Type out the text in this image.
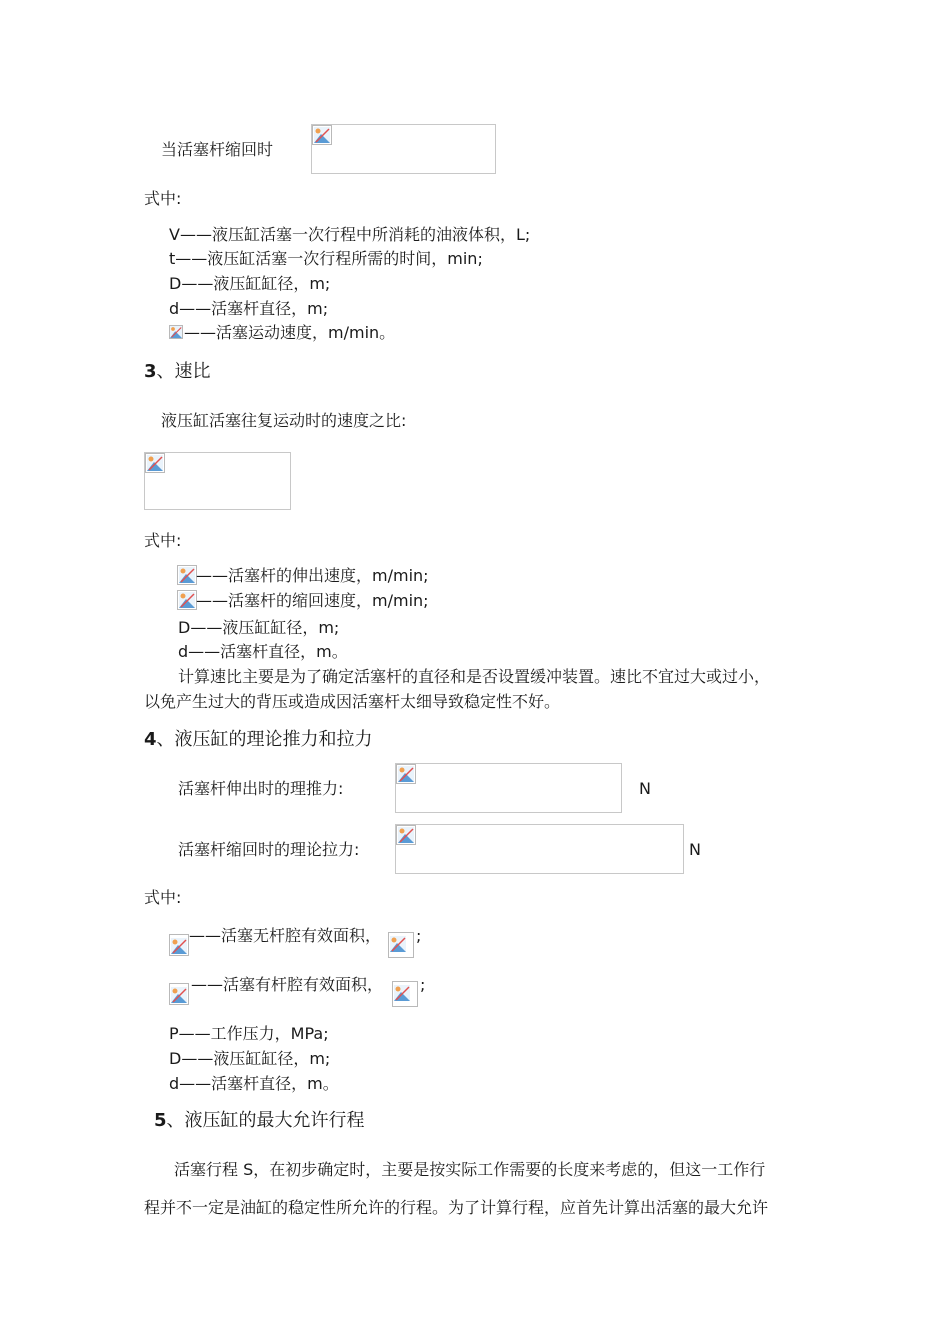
当活塞杆缩回时
式中:
V——液压缸活塞一次行程中所消耗的油液体积，L;
t——液压缸活塞一次行程所需的时间，min;
D——液压缸缸径，m;
d——活塞杆直径，m;
——活塞运动速度，m/min。
3、速比
液压缸活塞往复运动时的速度之比:
式中:
——活塞杆的伸出速度，m/min;
——活塞杆的缩回速度，m/min;
D——液压缸缸径，m;
d——活塞杆直径，m。
计算速比主要是为了确定活塞杆的直径和是否设置缓冲装置。速比不宜过大或过小，
以免产生过大的背压或造成因活塞杆太细导致稳定性不好。
4、液压缸的理论推力和拉力
活塞杆伸出时的理推力:	N
活塞杆缩回时的理论拉力:	N
式中:
——活塞无杆腔有效面积， ;
——活塞有杆腔有效面积， ;
P——工作压力，MPa;
D——液压缸缸径，m;
d——活塞杆直径，m。
5、液压缸的最大允许行程
活塞行程 S，在初步确定时，主要是按实际工作需要的长度来考虑的，但这一工作行
程并不一定是油缸的稳定性所允许的行程。为了计算行程，应首先计算出活塞的最大允许
